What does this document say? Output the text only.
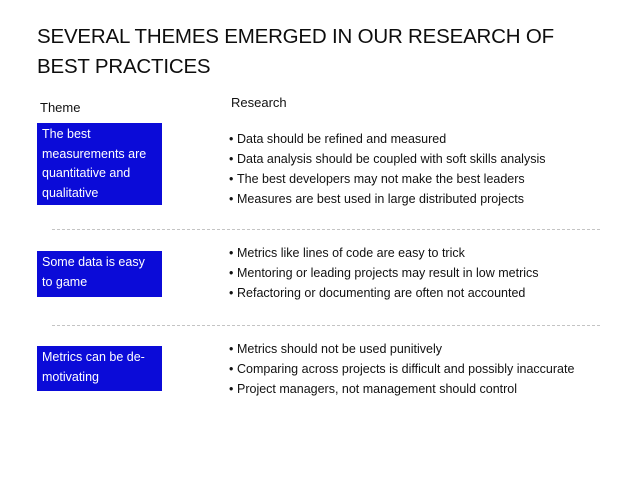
SEVERAL THEMES EMERGED IN OUR RESEARCH OF BEST PRACTICES
Theme	Research
The best measurements are quantitative and qualitative
• Data should be refined and measured
• Data analysis should be coupled with soft skills analysis
• The best developers may not make the best leaders
• Measures are best used in large distributed projects
Some data is easy to game
• Metrics like lines of code are easy to trick
• Mentoring or leading projects may result in low metrics
• Refactoring or documenting are often not accounted
Metrics can be de-motivating
• Metrics should not be used punitively
• Comparing across projects is difficult and possibly inaccurate
• Project managers, not management should control
